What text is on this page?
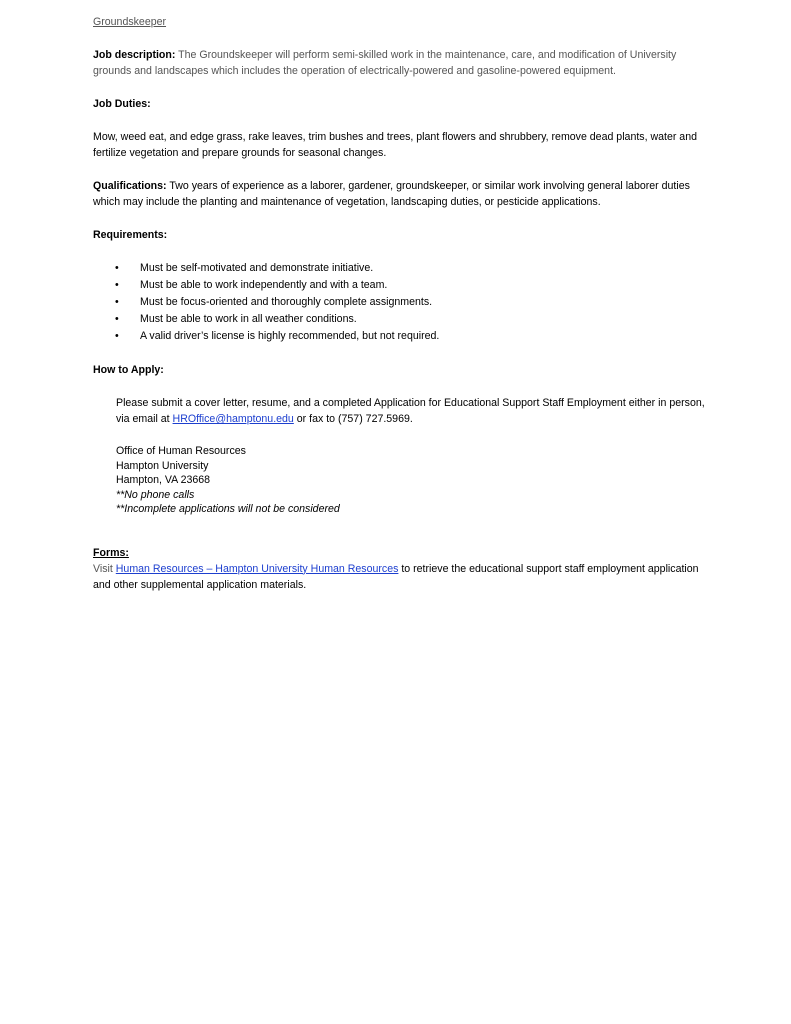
Groundskeeper

Job description: The Groundskeeper will perform semi-skilled work in the maintenance, care, and modification of University grounds and landscapes which includes the operation of electrically-powered and gasoline-powered equipment.

Job Duties:

Mow, weed eat, and edge grass, rake leaves, trim bushes and trees, plant flowers and shrubbery, remove dead plants, water and fertilize vegetation and prepare grounds for seasonal changes.

Qualifications: Two years of experience as a laborer, gardener, groundskeeper, or similar work involving general laborer duties which may include the planting and maintenance of vegetation, landscaping duties, or pesticide applications.

Requirements:
• Must be self-motivated and demonstrate initiative.
• Must be able to work independently and with a team.
• Must be focus-oriented and thoroughly complete assignments.
• Must be able to work in all weather conditions.
• A valid driver’s license is highly recommended, but not required.
How to Apply:

Please submit a cover letter, resume, and a completed Application for Educational Support Staff Employment either in person, via email at HROffice@hamptonu.edu or fax to (757) 727.5969.

Office of Human Resources
Hampton University
Hampton, VA 23668
**No phone calls
**Incomplete applications will not be considered
Forms:

Visit Human Resources – Hampton University Human Resources to retrieve the educational support staff employment application and other supplemental application materials.
